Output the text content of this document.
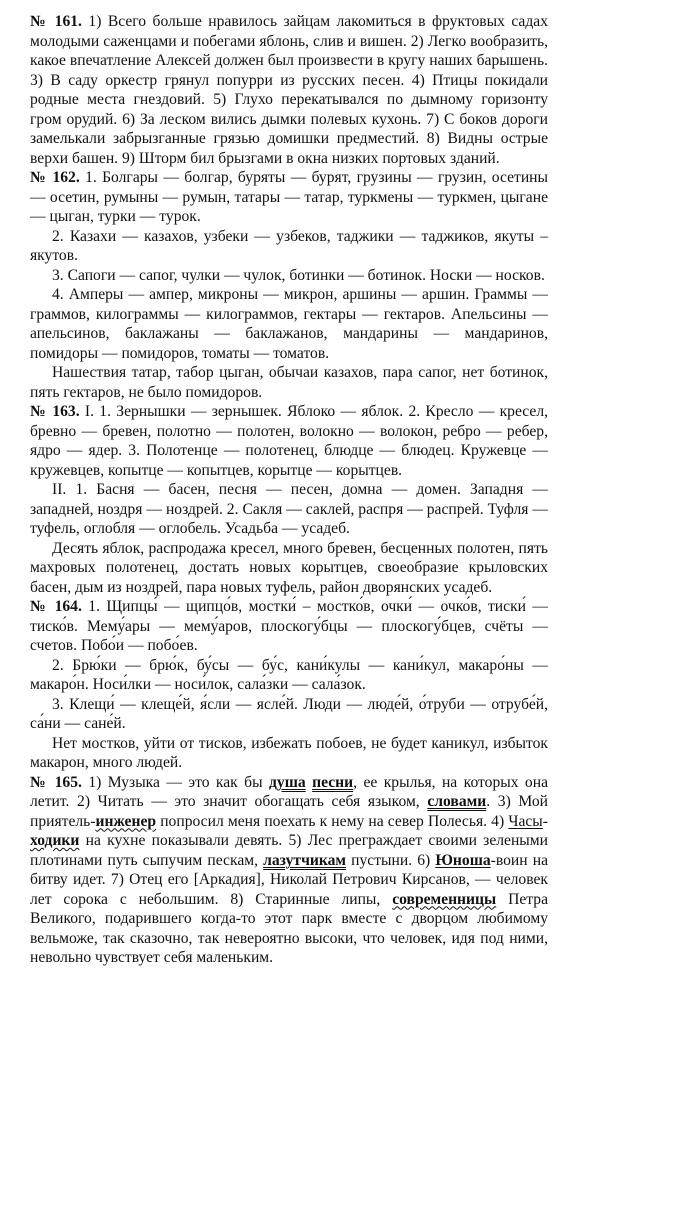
№ 161. 1) Всего больше нравилось зайцам лакомиться в фруктовых садах молодыми саженцами и побегами яблонь, слив и вишен. 2) Легко вообразить, какое впечатление Алексей должен был произвести в кругу наших барышень. 3) В саду оркестр грянул попурри из русских песен. 4) Птицы покидали родные места гнездовий. 5) Глухо перекатывался по дымному горизонту гром орудий. 6) За леском вились дымки полевых кухонь. 7) С боков дороги замелькали забрызганные грязью домишки предместий. 8) Видны острые верхи башен. 9) Шторм бил брызгами в окна низких портовых зданий.

№ 162. 1. Болгары — болгар, буряты — бурят, грузины — грузин, осетины — осетин, румыны — румын, татары — татар, туркмены — туркмен, цыгане — цыган, турки — турок.

2. Казахи — казахов, узбеки — узбеков, таджики — таджиков, якуты – якутов.

3. Сапоги — сапог, чулки — чулок, ботинки — ботинок. Носки — носков.

4. Амперы — ампер, микроны — микрон, аршины — аршин. Граммы — граммов, килограммы — килограммов, гектары — гектаров. Апельсины — апельсинов, баклажаны — баклажанов, мандарины — мандаринов, помидоры — помидоров, томаты — томатов.

Нашествия татар, табор цыган, обычаи казахов, пара сапог, нет ботинок, пять гектаров, не было помидоров.

№ 163. I. 1. Зернышки — зернышек. Яблоко — яблок. 2. Кресло — кресел, бревно — бревен, полотно — полотен, волокно — волокон, ребро — ребер, ядро — ядер. 3. Полотенце — полотенец, блюдце — блюдец. Кружевце — кружевцев, копытце — копытцев, корытце — корытцев.

II. 1. Басня — басен, песня — песен, домна — домен. Западня — западней, ноздря — ноздрей. 2. Сакля — саклей, распря — распрей. Туфля — туфель, оглобля — оглобель. Усадьба — усадеб.

Десять яблок, распродажа кресел, много бревен, бесценных полотен, пять махровых полотенец, достать новых корытцев, своеобразие крыловских басен, дым из ноздрей, пара новых туфель, район дворянских усадеб.

№ 164. 1. Щипцы́ — щипцо́в, мостки́ – мостко́в, очки́ — очко́в, тиски́ — тиско́в. Мему́ары — мему́аров, плоскогу́бцы — плоскогу́бцев, счёты — счетов. Побо́и — побо́ев.

2. Брю́ки — брю́к, бу́сы — бу́с, кани́кулы — кани́кул, макаро́ны — макаро́н. Носи́лки — носи́лок, сала́зки — сала́зок.

3. Клещи́ — клеще́й, я́сли — ясле́й. Люди — люде́й, о́труби — отрубе́й, са́ни — сане́й.

Нет мостков, уйти от тисков, избежать побоев, не будет каникул, избыток макарон, много людей.

№ 165. 1) Музыка — это как бы душа песни, ее крылья, на которых она летит. 2) Читать — это значит обогащать себя языком, словами. 3) Мой приятель-инженер попросил меня поехать к нему на север Полесья. 4) Часы-ходики на кухне показывали девять. 5) Лес преграждает своими зелеными плотинами путь сыпучим пескам, лазутчикам пустыни. 6) Юноша-воин на битву идет. 7) Отец его [Аркадия], Николай Петрович Кирсанов, — человек лет сорока с небольшим. 8) Старинные липы, современницы Петра Великого, подарившего когда-то этот парк вместе с дворцом любимому вельможе, так сказочно, так невероятно высоки, что человек, идя под ними, невольно чувствует себя маленьким.
